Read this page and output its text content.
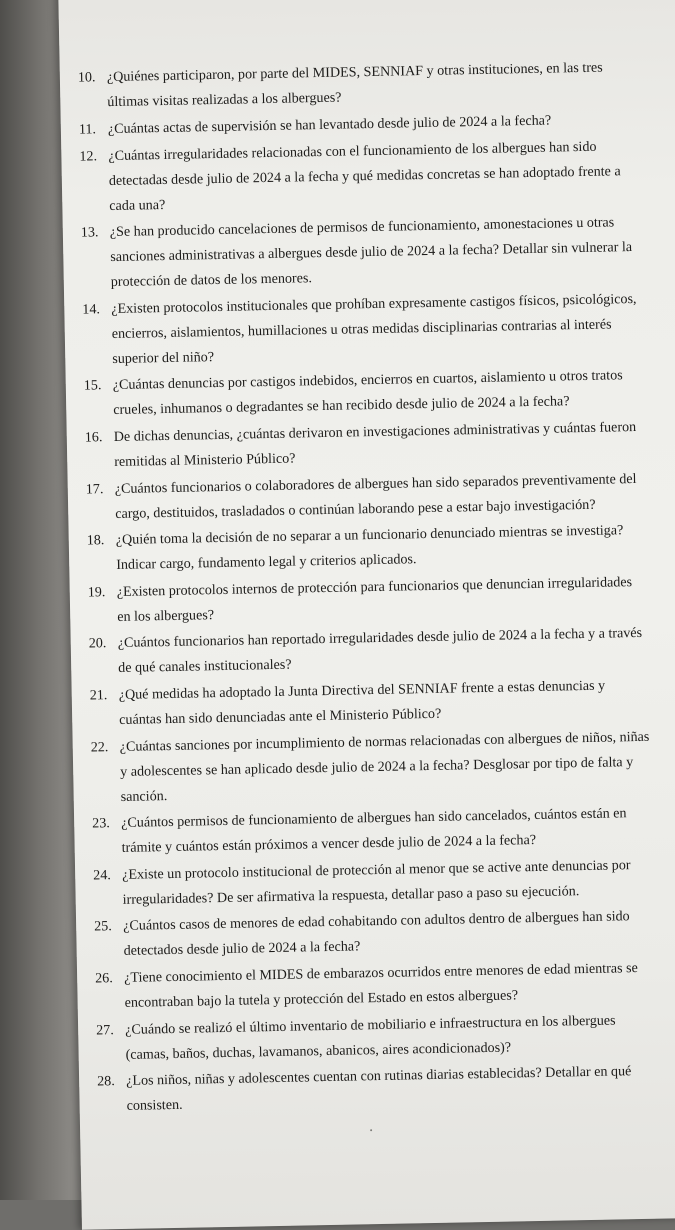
10. ¿Quiénes participaron, por parte del MIDES, SENNIAF y otras instituciones, en las tres últimas visitas realizadas a los albergues?
11. ¿Cuántas actas de supervisión se han levantado desde julio de 2024 a la fecha?
12. ¿Cuántas irregularidades relacionadas con el funcionamiento de los albergues han sido detectadas desde julio de 2024 a la fecha y qué medidas concretas se han adoptado frente a cada una?
13. ¿Se han producido cancelaciones de permisos de funcionamiento, amonestaciones u otras sanciones administrativas a albergues desde julio de 2024 a la fecha? Detallar sin vulnerar la protección de datos de los menores.
14. ¿Existen protocolos institucionales que prohíban expresamente castigos físicos, psicológicos, encierros, aislamientos, humillaciones u otras medidas disciplinarias contrarias al interés superior del niño?
15. ¿Cuántas denuncias por castigos indebidos, encierros en cuartos, aislamiento u otros tratos crueles, inhumanos o degradantes se han recibido desde julio de 2024 a la fecha?
16. De dichas denuncias, ¿cuántas derivaron en investigaciones administrativas y cuántas fueron remitidas al Ministerio Público?
17. ¿Cuántos funcionarios o colaboradores de albergues han sido separados preventivamente del cargo, destituidos, trasladados o continúan laborando pese a estar bajo investigación?
18. ¿Quién toma la decisión de no separar a un funcionario denunciado mientras se investiga? Indicar cargo, fundamento legal y criterios aplicados.
19. ¿Existen protocolos internos de protección para funcionarios que denuncian irregularidades en los albergues?
20. ¿Cuántos funcionarios han reportado irregularidades desde julio de 2024 a la fecha y a través de qué canales institucionales?
21. ¿Qué medidas ha adoptado la Junta Directiva del SENNIAF frente a estas denuncias y cuántas han sido denunciadas ante el Ministerio Público?
22. ¿Cuántas sanciones por incumplimiento de normas relacionadas con albergues de niños, niñas y adolescentes se han aplicado desde julio de 2024 a la fecha? Desglosar por tipo de falta y sanción.
23. ¿Cuántos permisos de funcionamiento de albergues han sido cancelados, cuántos están en trámite y cuántos están próximos a vencer desde julio de 2024 a la fecha?
24. ¿Existe un protocolo institucional de protección al menor que se active ante denuncias por irregularidades? De ser afirmativa la respuesta, detallar paso a paso su ejecución.
25. ¿Cuántos casos de menores de edad cohabitando con adultos dentro de albergues han sido detectados desde julio de 2024 a la fecha?
26. ¿Tiene conocimiento el MIDES de embarazos ocurridos entre menores de edad mientras se encontraban bajo la tutela y protección del Estado en estos albergues?
27. ¿Cuándo se realizó el último inventario de mobiliario e infraestructura en los albergues (camas, baños, duchas, lavamanos, abanicos, aires acondicionados)?
28. ¿Los niños, niñas y adolescentes cuentan con rutinas diarias establecidas? Detallar en qué consisten.
